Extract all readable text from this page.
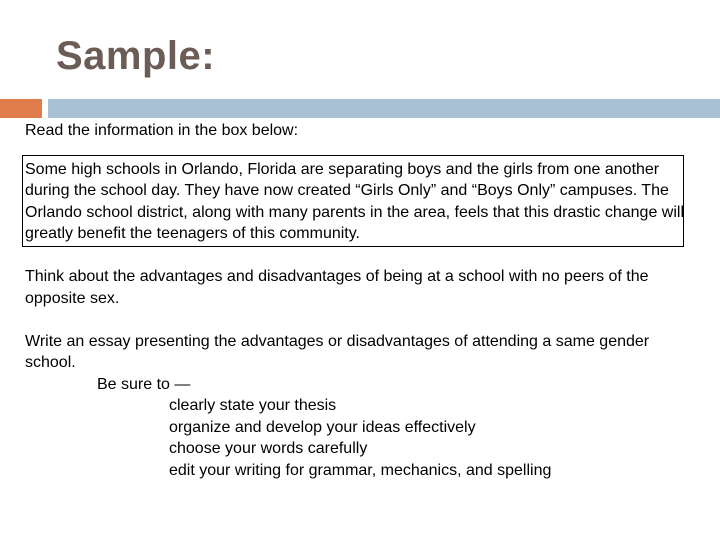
Sample:

Read the information in the box below:

Some high schools in Orlando, Florida are separating boys and the girls from one another during the school day. They have now created “Girls Only” and “Boys Only” campuses. The Orlando school district, along with many parents in the area, feels that this drastic change will greatly benefit the teenagers of this community.

Think about the advantages and disadvantages of being at a school with no peers of the opposite sex.

Write an essay presenting the advantages or disadvantages of attending a same gender school.

Be sure to —

clearly state your thesis
organize and develop your ideas effectively
choose your words carefully
edit your writing for grammar, mechanics, and spelling
